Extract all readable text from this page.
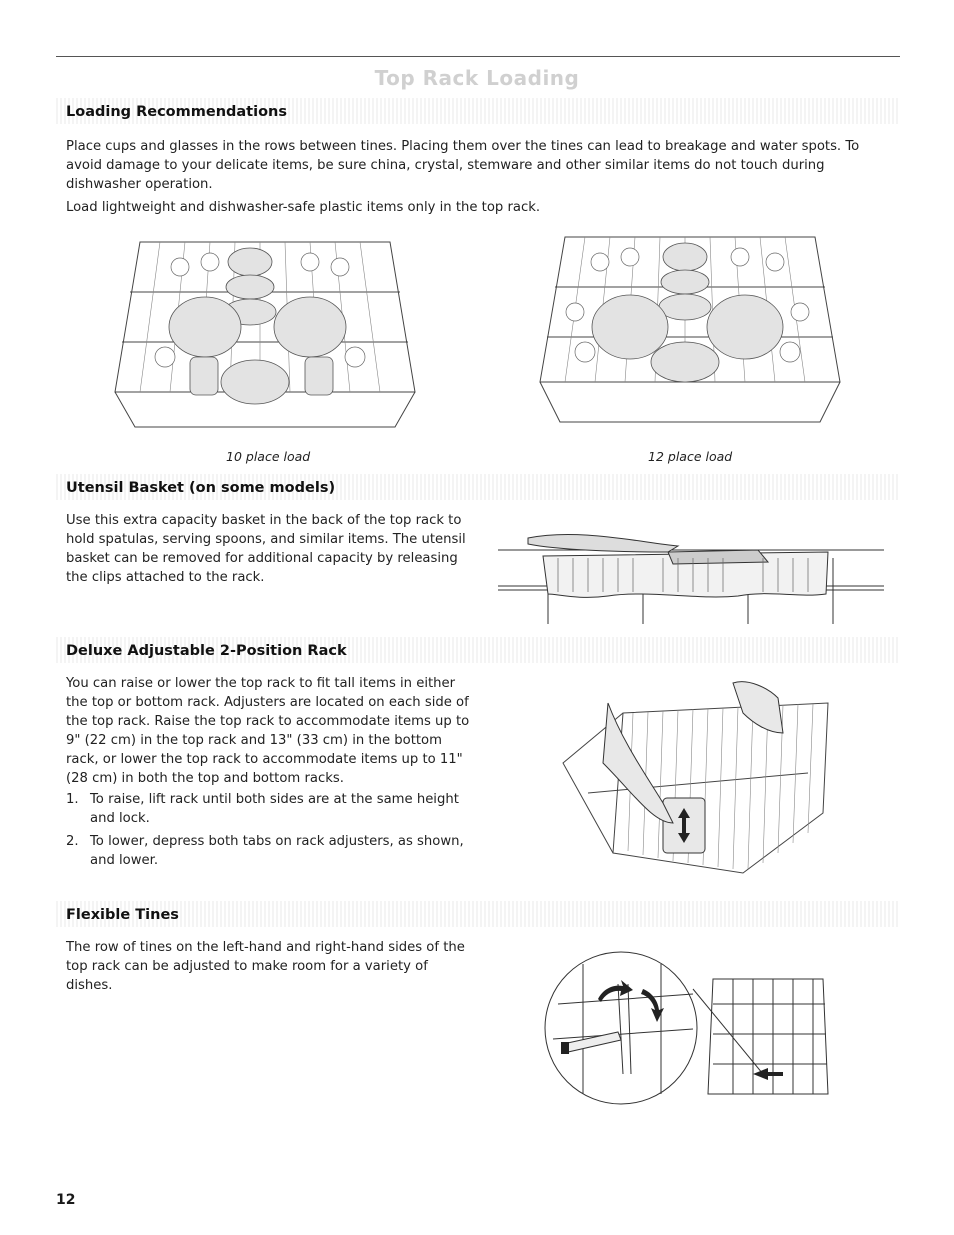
Top Rack Loading
Loading Recommendations

Place cups and glasses in the rows between tines. Placing them over the tines can lead to breakage and water spots. To avoid damage to your delicate items, be sure china, crystal, stemware and other similar items do not touch during dishwasher operation.

Load lightweight and dishwasher-safe plastic items only in the top rack.

10 place load	12 place load
Utensil Basket (on some models)

Use this extra capacity basket in the back of the top rack to hold spatulas, serving spoons, and similar items. The utensil basket can be removed for additional capacity by releasing the clips attached to the rack.

Deluxe Adjustable 2-Position Rack

You can raise or lower the top rack to fit tall items in either the top or bottom rack. Adjusters are located on each side of the top rack. Raise the top rack to accommodate items up to 9" (22 cm) in the top rack and 13" (33 cm) in the bottom rack, or lower the top rack to accommodate items up to 11" (28 cm) in both the top and bottom racks.

1. To raise, lift rack until both sides are at the same height and lock.
2. To lower, depress both tabs on rack adjusters, as shown, and lower.
Flexible Tines

The row of tines on the left-hand and right-hand sides of the top rack can be adjusted to make room for a variety of dishes.

12
